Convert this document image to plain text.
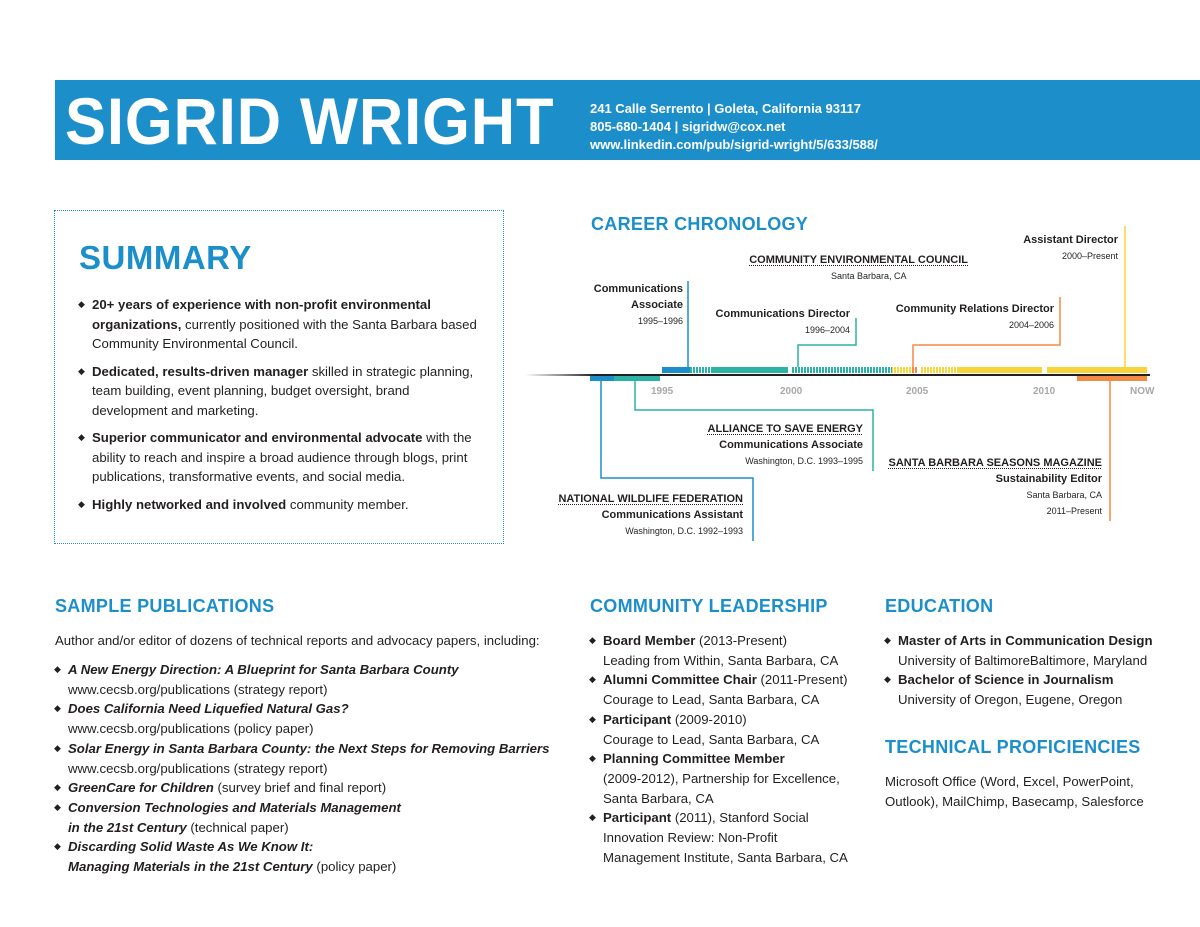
SIGRID WRIGHT	241 Calle Serrento | Goleta, California 93117
805-680-1404 | sigridw@cox.net
www.linkedin.com/pub/sigrid-wright/5/633/588/
SUMMARY
◆ 20+ years of experience with non-profit environmental organizations, currently positioned with the Santa Barbara based Community Environmental Council.
◆ Dedicated, results-driven manager skilled in strategic planning, team building, event planning, budget oversight, brand development and marketing.
◆ Superior communicator and environmental advocate with the ability to reach and inspire a broad audience through blogs, print publications, transformative events, and social media.
◆ Highly networked and involved community member.
CAREER CHRONOLOGY
1995	2000	2005	2010	NOW
Communications
Associate
1995–1996
COMMUNITY ENVIRONMENTAL COUNCIL
Santa Barbara, CA
Communications Director
1996–2004
Community Relations Director
2004–2006
Assistant Director
2000–Present
ALLIANCE TO SAVE ENERGY
Communications Associate
Washington, D.C. 1993–1995
NATIONAL WILDLIFE FEDERATION
Communications Assistant
Washington, D.C. 1992–1993
SANTA BARBARA SEASONS MAGAZINE
Sustainability Editor
Santa Barbara, CA
2011–Present
SAMPLE PUBLICATIONS
Author and/or editor of dozens of technical reports and advocacy papers, including:
◆ A New Energy Direction: A Blueprint for Santa Barbara County
www.cecsb.org/publications (strategy report)
◆ Does California Need Liquefied Natural Gas?
www.cecsb.org/publications (policy paper)
◆ Solar Energy in Santa Barbara County: the Next Steps for Removing Barriers
www.cecsb.org/publications (strategy report)
◆ GreenCare for Children (survey brief and final report)
◆ Conversion Technologies and Materials Management
in the 21st Century (technical paper)
◆ Discarding Solid Waste As We Know It:
Managing Materials in the 21st Century (policy paper)
COMMUNITY LEADERSHIP
◆ Board Member (2013-Present)
Leading from Within, Santa Barbara, CA
◆ Alumni Committee Chair (2011-Present)
Courage to Lead, Santa Barbara, CA
◆ Participant (2009-2010)
Courage to Lead, Santa Barbara, CA
◆ Planning Committee Member
(2009-2012), Partnership for Excellence,
Santa Barbara, CA
◆ Participant (2011), Stanford Social
Innovation Review: Non-Profit
Management Institute, Santa Barbara, CA
EDUCATION
◆ Master of Arts in Communication Design
University of BaltimoreBaltimore, Maryland
◆ Bachelor of Science in Journalism
University of Oregon, Eugene, Oregon
TECHNICAL PROFICIENCIES
Microsoft Office (Word, Excel, PowerPoint,
Outlook), MailChimp, Basecamp, Salesforce
